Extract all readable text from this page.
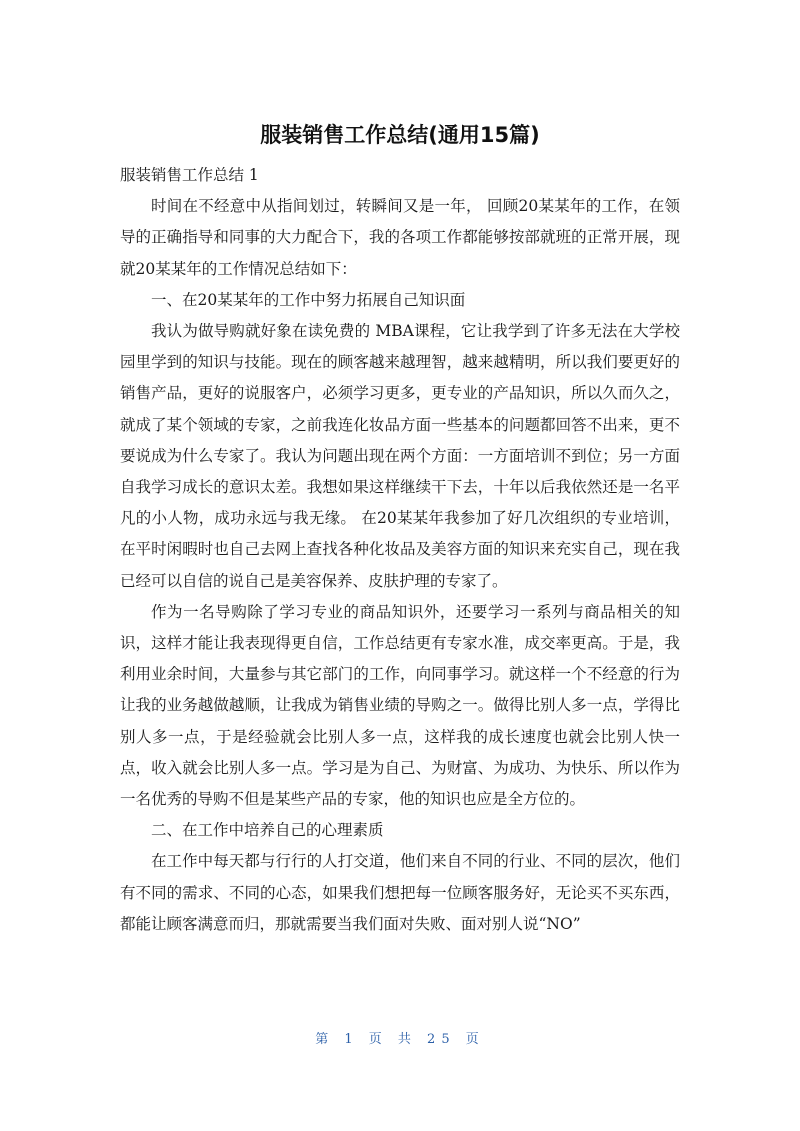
服装销售工作总结(通用15篇)

服装销售工作总结 1

时间在不经意中从指间划过，转瞬间又是一年， 回顾20某某年的工作，在领导的正确指导和同事的大力配合下，我的各项工作都能够按部就班的正常开展，现就20某某年的工作情况总结如下：

一、在20某某年的工作中努力拓展自己知识面

我认为做导购就好象在读免费的 MBA课程，它让我学到了许多无法在大学校园里学到的知识与技能。现在的顾客越来越理智，越来越精明，所以我们要更好的销售产品，更好的说服客户，必须学习更多，更专业的产品知识，所以久而久之，就成了某个领域的专家，之前我连化妆品方面一些基本的问题都回答不出来，更不要说成为什么专家了。我认为问题出现在两个方面：一方面培训不到位；另一方面自我学习成长的意识太差。我想如果这样继续干下去，十年以后我依然还是一名平凡的小人物，成功永远与我无缘。 在20某某年我参加了好几次组织的专业培训，在平时闲暇时也自己去网上查找各种化妆品及美容方面的知识来充实自己，现在我已经可以自信的说自己是美容保养、皮肤护理的专家了。

作为一名导购除了学习专业的商品知识外，还要学习一系列与商品相关的知识，这样才能让我表现得更自信，工作总结更有专家水准，成交率更高。于是，我利用业余时间，大量参与其它部门的工作，向同事学习。就这样一个不经意的行为让我的业务越做越顺，让我成为销售业绩的导购之一。做得比别人多一点，学得比别人多一点，于是经验就会比别人多一点，这样我的成长速度也就会比别人快一点，收入就会比别人多一点。学习是为自己、为财富、为成功、为快乐、所以作为一名优秀的导购不但是某些产品的专家，他的知识也应是全方位的。

二、在工作中培养自己的心理素质

在工作中每天都与行行的人打交道，他们来自不同的行业、不同的层次，他们有不同的需求、不同的心态，如果我们想把每一位顾客服务好，无论买不买东西，都能让顾客满意而归，那就需要当我们面对失败、面对别人说“NO”

第 1 页 共 25 页
